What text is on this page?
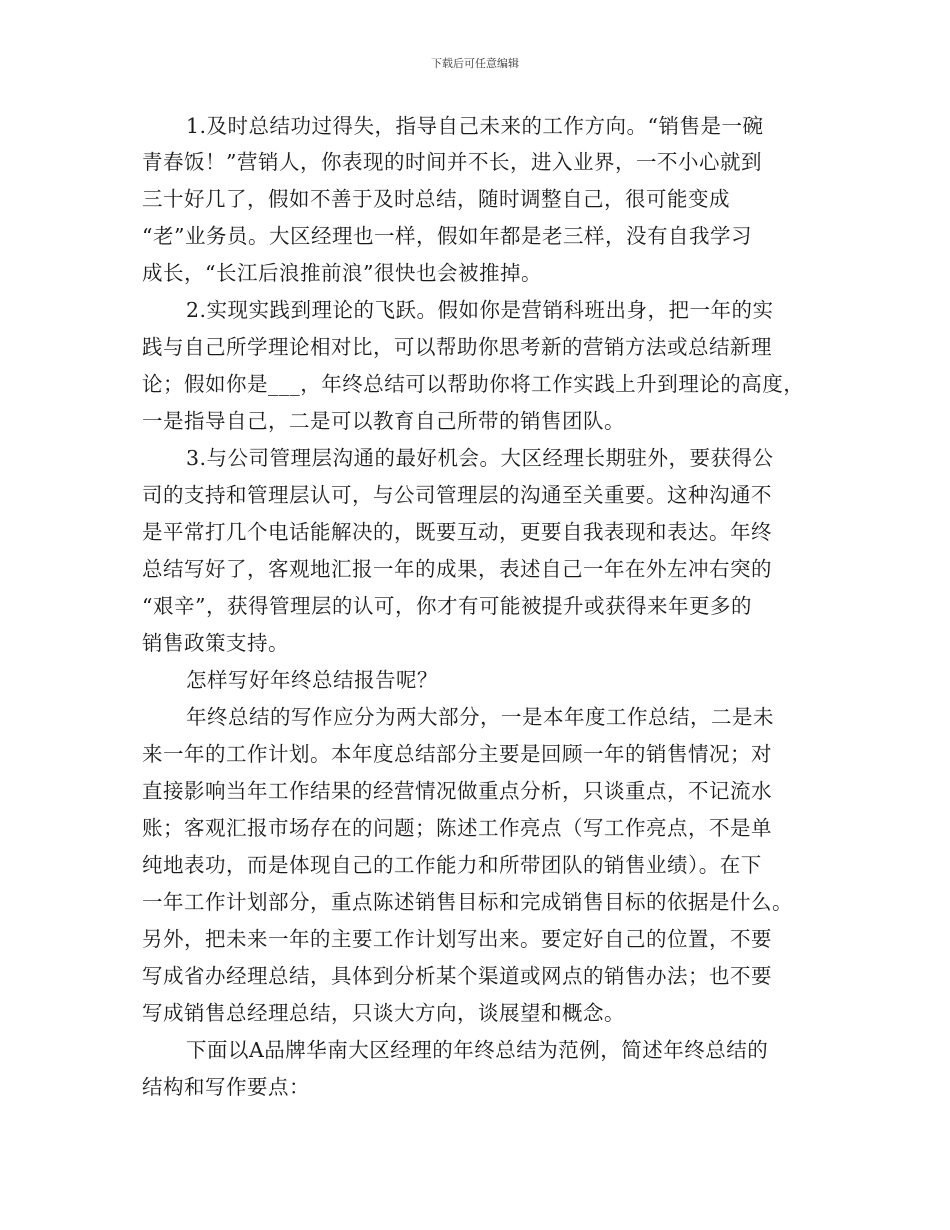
下载后可任意编辑
1.及时总结功过得失，指导自己未来的工作方向。“销售是一碗
青春饭！”营销人，你表现的时间并不长，进入业界，一不小心就到
三十好几了，假如不善于及时总结，随时调整自己，很可能变成
“老”业务员。大区经理也一样，假如年都是老三样，没有自我学习
成长，“长江后浪推前浪”很快也会被推掉。
2.实现实践到理论的飞跃。假如你是营销科班出身，把一年的实
践与自己所学理论相对比，可以帮助你思考新的营销方法或总结新理
论；假如你是___，年终总结可以帮助你将工作实践上升到理论的高度，
一是指导自己，二是可以教育自己所带的销售团队。
3.与公司管理层沟通的最好机会。大区经理长期驻外，要获得公
司的支持和管理层认可，与公司管理层的沟通至关重要。这种沟通不
是平常打几个电话能解决的，既要互动，更要自我表现和表达。年终
总结写好了，客观地汇报一年的成果，表述自己一年在外左冲右突的
“艰辛”，获得管理层的认可，你才有可能被提升或获得来年更多的
销售政策支持。
怎样写好年终总结报告呢？
年终总结的写作应分为两大部分，一是本年度工作总结，二是未
来一年的工作计划。本年度总结部分主要是回顾一年的销售情况；对
直接影响当年工作结果的经营情况做重点分析，只谈重点，不记流水
账；客观汇报市场存在的问题；陈述工作亮点（写工作亮点，不是单
纯地表功，而是体现自己的工作能力和所带团队的销售业绩）。在下
一年工作计划部分，重点陈述销售目标和完成销售目标的依据是什么。
另外，把未来一年的主要工作计划写出来。要定好自己的位置，不要
写成省办经理总结，具体到分析某个渠道或网点的销售办法；也不要
写成销售总经理总结，只谈大方向，谈展望和概念。
下面以A品牌华南大区经理的年终总结为范例，简述年终总结的
结构和写作要点：
